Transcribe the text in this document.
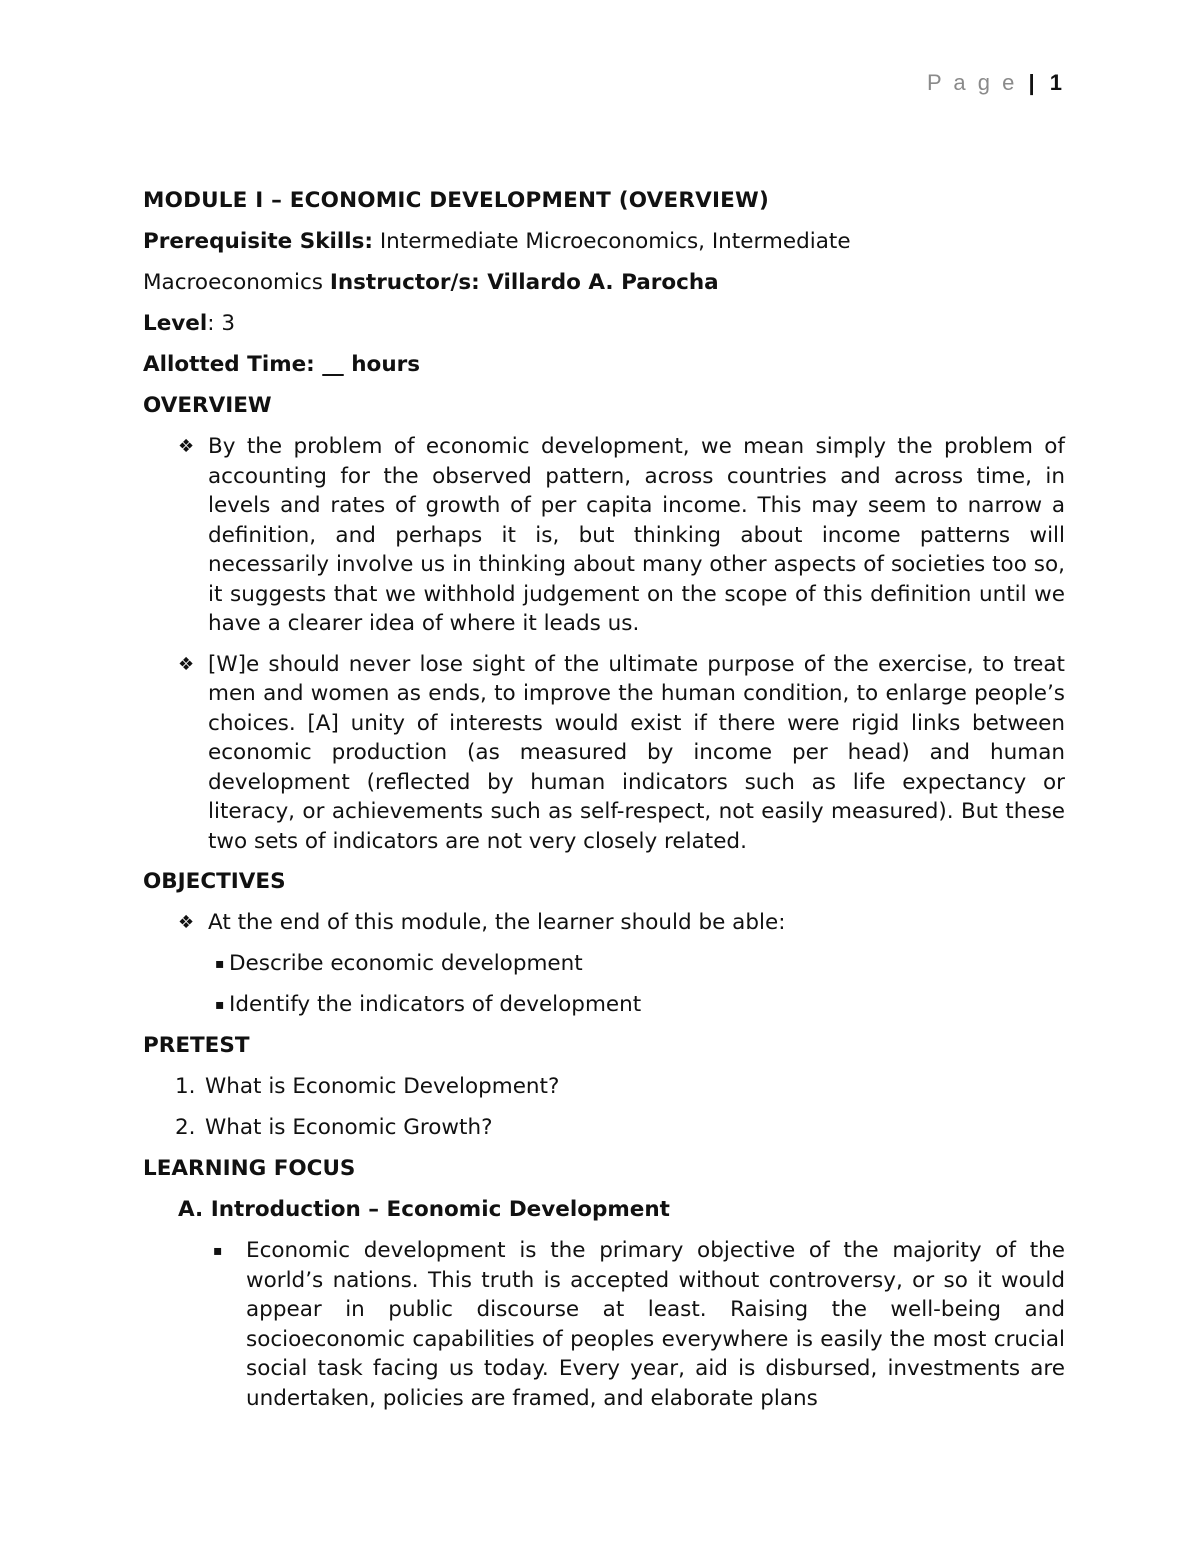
P a g e | 1
MODULE I – ECONOMIC DEVELOPMENT (OVERVIEW)
Prerequisite Skills: Intermediate Microeconomics, Intermediate
Macroeconomics Instructor/s: Villardo A. Parocha
Level: 3
Allotted Time: __ hours
OVERVIEW
❖ By the problem of economic development, we mean simply the problem of accounting for the observed pattern, across countries and across time, in levels and rates of growth of per capita income. This may seem to narrow a definition, and perhaps it is, but thinking about income patterns will necessarily involve us in thinking about many other aspects of societies too so, it suggests that we withhold judgement on the scope of this definition until we have a clearer idea of where it leads us.
❖ [W]e should never lose sight of the ultimate purpose of the exercise, to treat men and women as ends, to improve the human condition, to enlarge people’s choices. [A] unity of interests would exist if there were rigid links between economic production (as measured by income per head) and human development (reflected by human indicators such as life expectancy or literacy, or achievements such as self-respect, not easily measured). But these two sets of indicators are not very closely related.
OBJECTIVES
❖ At the end of this module, the learner should be able:
▪ Describe economic development
▪ Identify the indicators of development
PRETEST
1. What is Economic Development?
2. What is Economic Growth?
LEARNING FOCUS
A. Introduction – Economic Development
▪	Economic development is the primary objective of the majority of the world’s nations. This truth is accepted without controversy, or so it would appear in public discourse at least. Raising the well-being and socioeconomic capabilities of peoples everywhere is easily the most crucial social task facing us today. Every year, aid is disbursed, investments are undertaken, policies are framed, and elaborate plans
